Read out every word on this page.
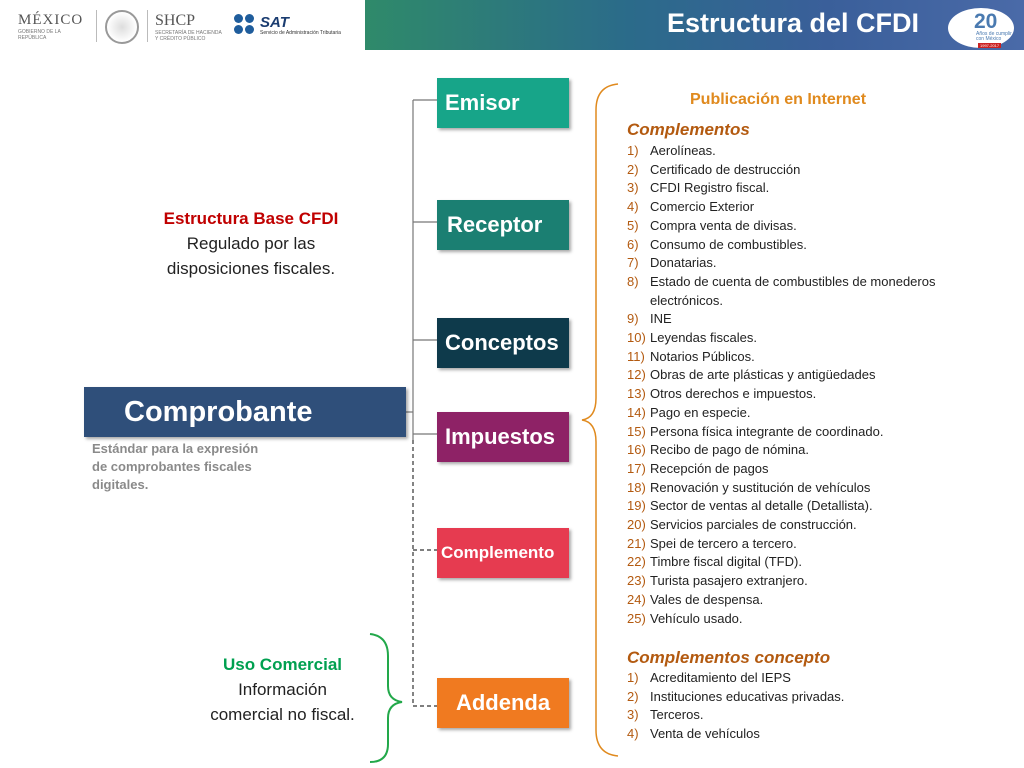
MÉXICO
GOBIERNO DE LA REPÚBLICA
SHCP
SECRETARÍA DE HACIENDA
Y CRÉDITO PÚBLICO
SAT
Servicio de Administración Tributaria	Estructura del CFDI	20
Años de cumplir
con México
1997-2017
Emisor
Receptor
Conceptos
Impuestos
Complemento
Addenda
Comprobante
Estructura Base CFDI
Regulado por las
disposiciones fiscales.
Estándar para la expresión
de comprobantes fiscales
digitales.
Uso Comercial
Información
comercial no fiscal.
Publicación en Internet
Complementos
1) Aerolíneas.
2) Certificado de destrucción
3) CFDI Registro fiscal.
4) Comercio Exterior
5) Compra venta de divisas.
6) Consumo de combustibles.
7) Donatarias.
8) Estado de cuenta de combustibles de monederos electrónicos.
9) INE
10) Leyendas fiscales.
11) Notarios Públicos.
12) Obras de arte plásticas y antigüedades
13) Otros derechos e impuestos.
14) Pago en especie.
15) Persona física integrante de coordinado.
16) Recibo de pago de nómina.
17) Recepción de pagos
18) Renovación y sustitución de vehículos
19) Sector de ventas al detalle (Detallista).
20) Servicios parciales de construcción.
21) Spei de tercero a tercero.
22) Timbre fiscal digital (TFD).
23) Turista pasajero extranjero.
24) Vales de despensa.
25) Vehículo usado.
Complementos concepto
1) Acreditamiento del IEPS
2) Instituciones educativas privadas.
3) Terceros.
4) Venta de vehículos
